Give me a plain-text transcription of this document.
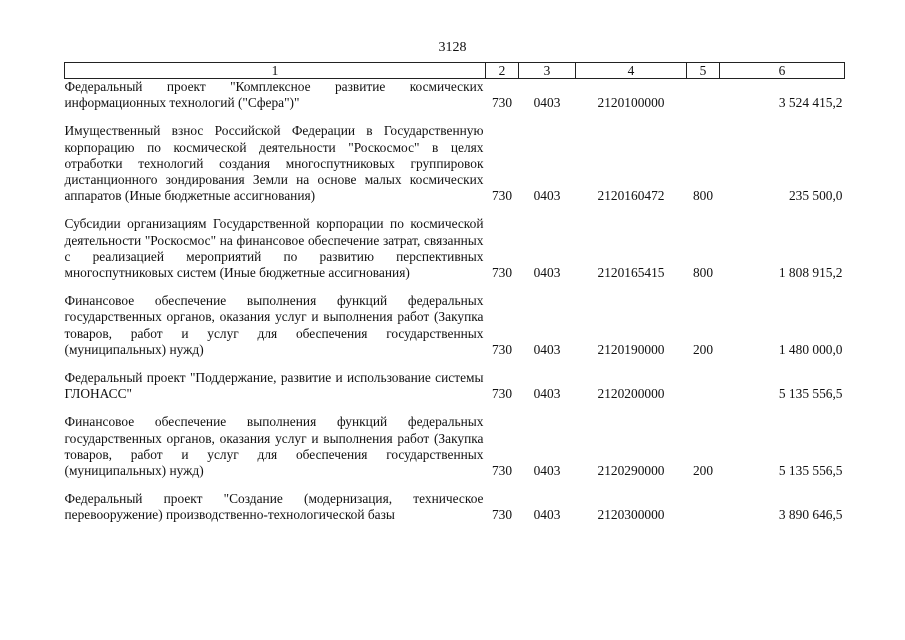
3128
1	2	3	4	5	6
Федеральный проект "Комплексное развитие космических информационных технологий ("Сфера")"	730	0403	2120100000		3 524 415,2

Имущественный взнос Российской Федерации в Государственную корпорацию по космической деятельности "Роскосмос" в целях отработки технологий создания многоспутниковых группировок дистанционного зондирования Земли на основе малых космических аппаратов (Иные бюджетные ассигнования)	730	0403	2120160472	800	235 500,0

Субсидии организациям Государственной корпорации по космической деятельности "Роскосмос" на финансовое обеспечение затрат, связанных с реализацией мероприятий по развитию перспективных многоспутниковых систем (Иные бюджетные ассигнования)	730	0403	2120165415	800	1 808 915,2

Финансовое обеспечение выполнения функций федеральных государственных органов, оказания услуг и выполнения работ (Закупка товаров, работ и услуг для обеспечения государственных (муниципальных) нужд)	730	0403	2120190000	200	1 480 000,0

Федеральный проект "Поддержание, развитие и использование системы ГЛОНАСС"	730	0403	2120200000		5 135 556,5

Финансовое обеспечение выполнения функций федеральных государственных органов, оказания услуг и выполнения работ (Закупка товаров, работ и услуг для обеспечения государственных (муниципальных) нужд)	730	0403	2120290000	200	5 135 556,5

Федеральный проект "Создание (модернизация, техническое перевооружение) производственно-технологической базы	730	0403	2120300000		3 890 646,5
